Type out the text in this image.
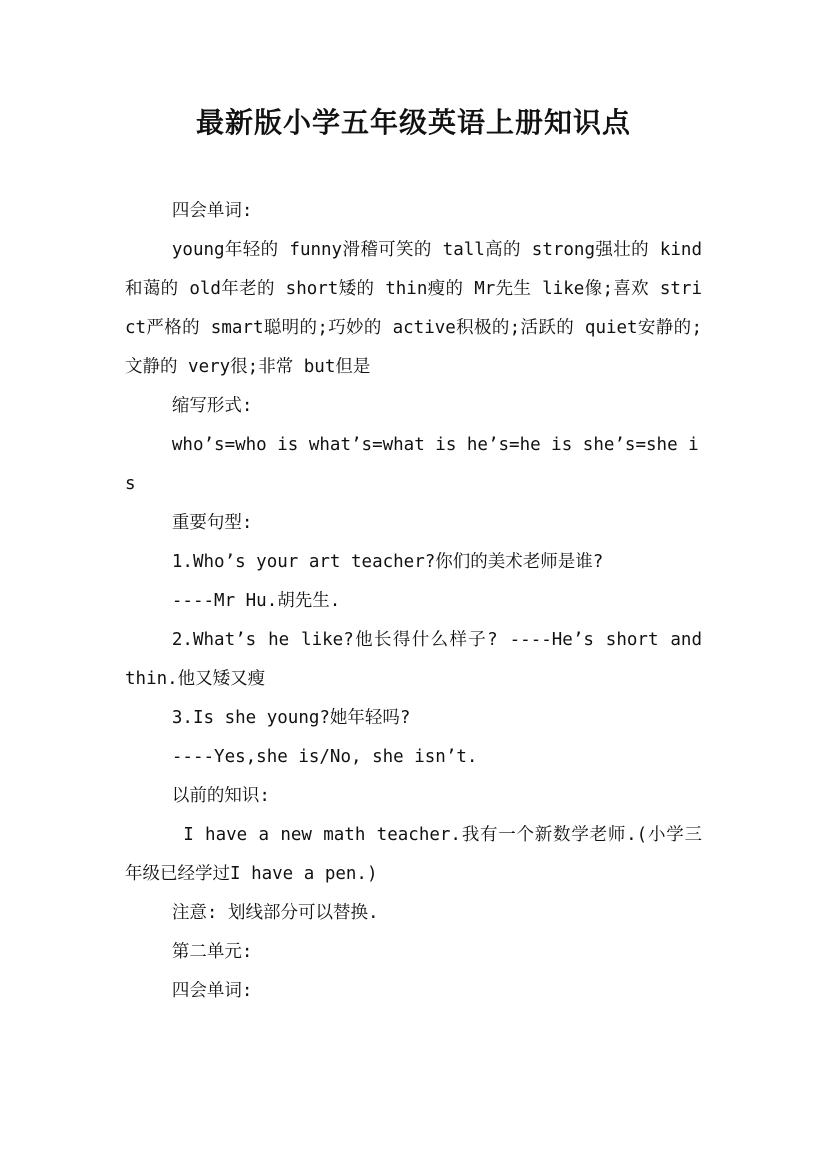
最新版小学五年级英语上册知识点

四会单词:

young年轻的 funny滑稽可笑的 tall高的 strong强壮的 kind和蔼的 old年老的 short矮的 thin瘦的 Mr先生 like像;喜欢 strict严格的 smart聪明的;巧妙的 active积极的;活跃的 quiet安静的;文静的 very很;非常 but但是

缩写形式:

who’s=who is what’s=what is he’s=he is she’s=she is

重要句型:

1.Who’s your art teacher?你们的美术老师是谁?

----Mr Hu.胡先生.

2.What’s he like?他长得什么样子? ----He’s short and thin.他又矮又瘦

3.Is she young?她年轻吗?

----Yes,she is/No, she isn’t.

以前的知识:

I have a new math teacher.我有一个新数学老师.(小学三年级已经学过I have a pen.)

注意: 划线部分可以替换.

第二单元:

四会单词:
